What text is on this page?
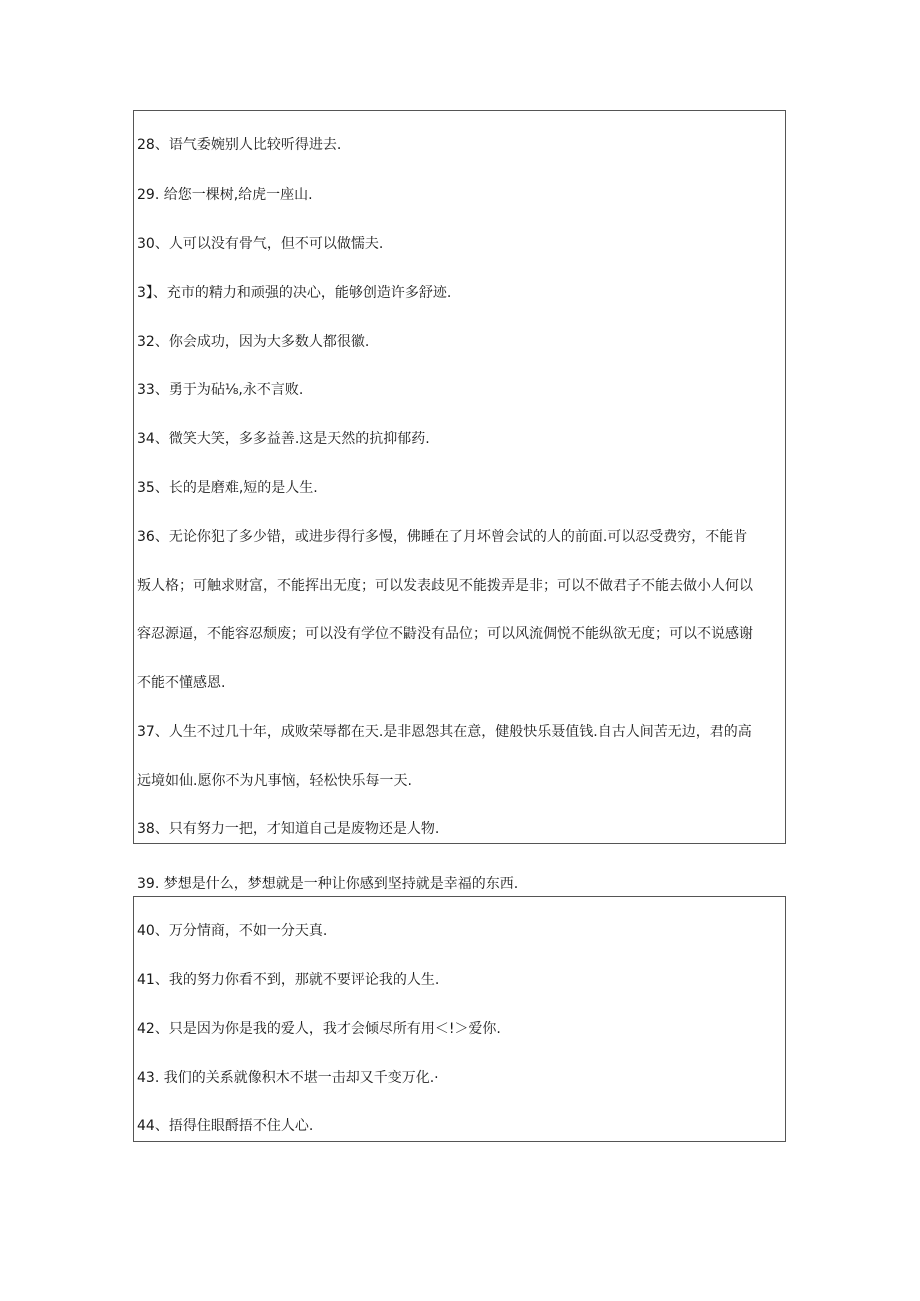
28、语气委婉别人比较听得进去.
29. 给您一棵树,给虎一座山.
30、人可以没有骨气，但不可以做懦夫.
3】、充市的精力和顽强的决心，能够创造许多舒迹.
32、你会成功，因为大多数人都很徽.
33、勇于为砧⅛,永不言败.
34、微笑大笑，多多益善.这是天然的抗抑郁药.
35、长的是磨难,短的是人生.
36、无论你犯了多少错，或进步得行多慢，佛睡在了月坏曾会试的人的前面.可以忍受费穷，不能肯
叛人格；可触求财富，不能挥出无度；可以发表歧见不能拨弄是非；可以不做君子不能去做小人何以
容忍源逼，不能容忍颓废；可以没有学位不鼭没有品位；可以风流倜悦不能纵欲无度；可以不说感谢
不能不懂感恩.
37、人生不过几十年，成败荣辱都在天.是非恩怨其在意，健般快乐聂值钱.自古人间苦无边，君的高
远境如仙.愿你不为凡事恼，轻松快乐每一天.
38、只有努力一把，才知道自己是废物还是人物.
39. 梦想是什么，梦想就是一种让你感到坚持就是幸福的东西.
40、万分情商，不如一分天真.
41、我的努力你看不到，那就不要评论我的人生.
42、只是因为你是我的爱人，我才会倾尽所有用＜!＞爱你.
43. 我们的关系就像积木不堪一击却又千变万化.·
44、捂得住眼酹捂不住人心.
